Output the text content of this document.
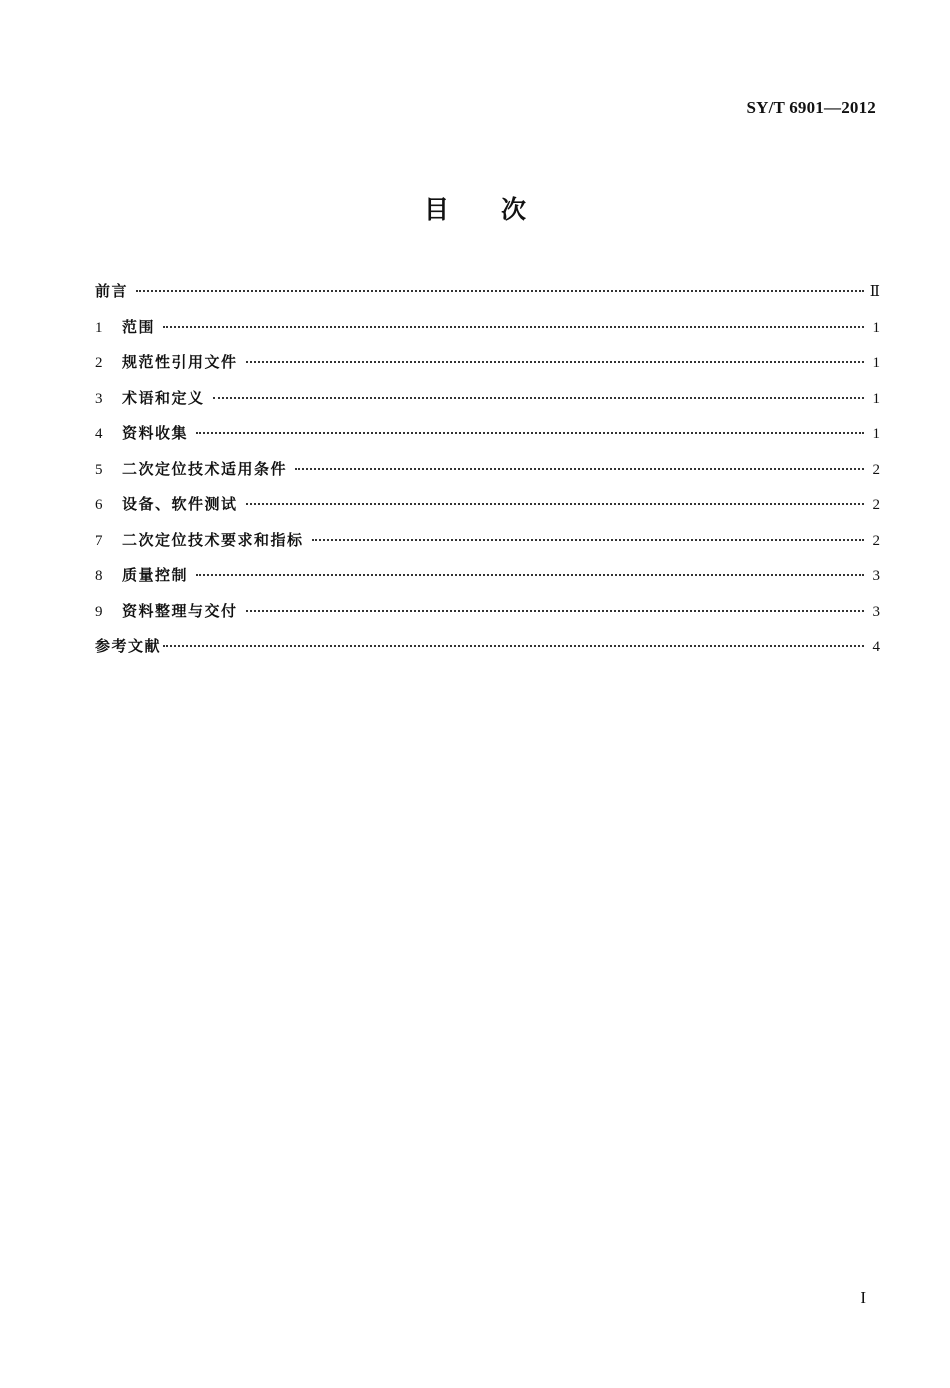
SY/T 6901—2012
目 次
前言	Ⅱ
1	范围	1
2	规范性引用文件	1
3	术语和定义	1
4	资料收集	1
5	二次定位技术适用条件	2
6	设备、软件测试	2
7	二次定位技术要求和指标	2
8	质量控制	3
9	资料整理与交付	3
参考文献	4
I
